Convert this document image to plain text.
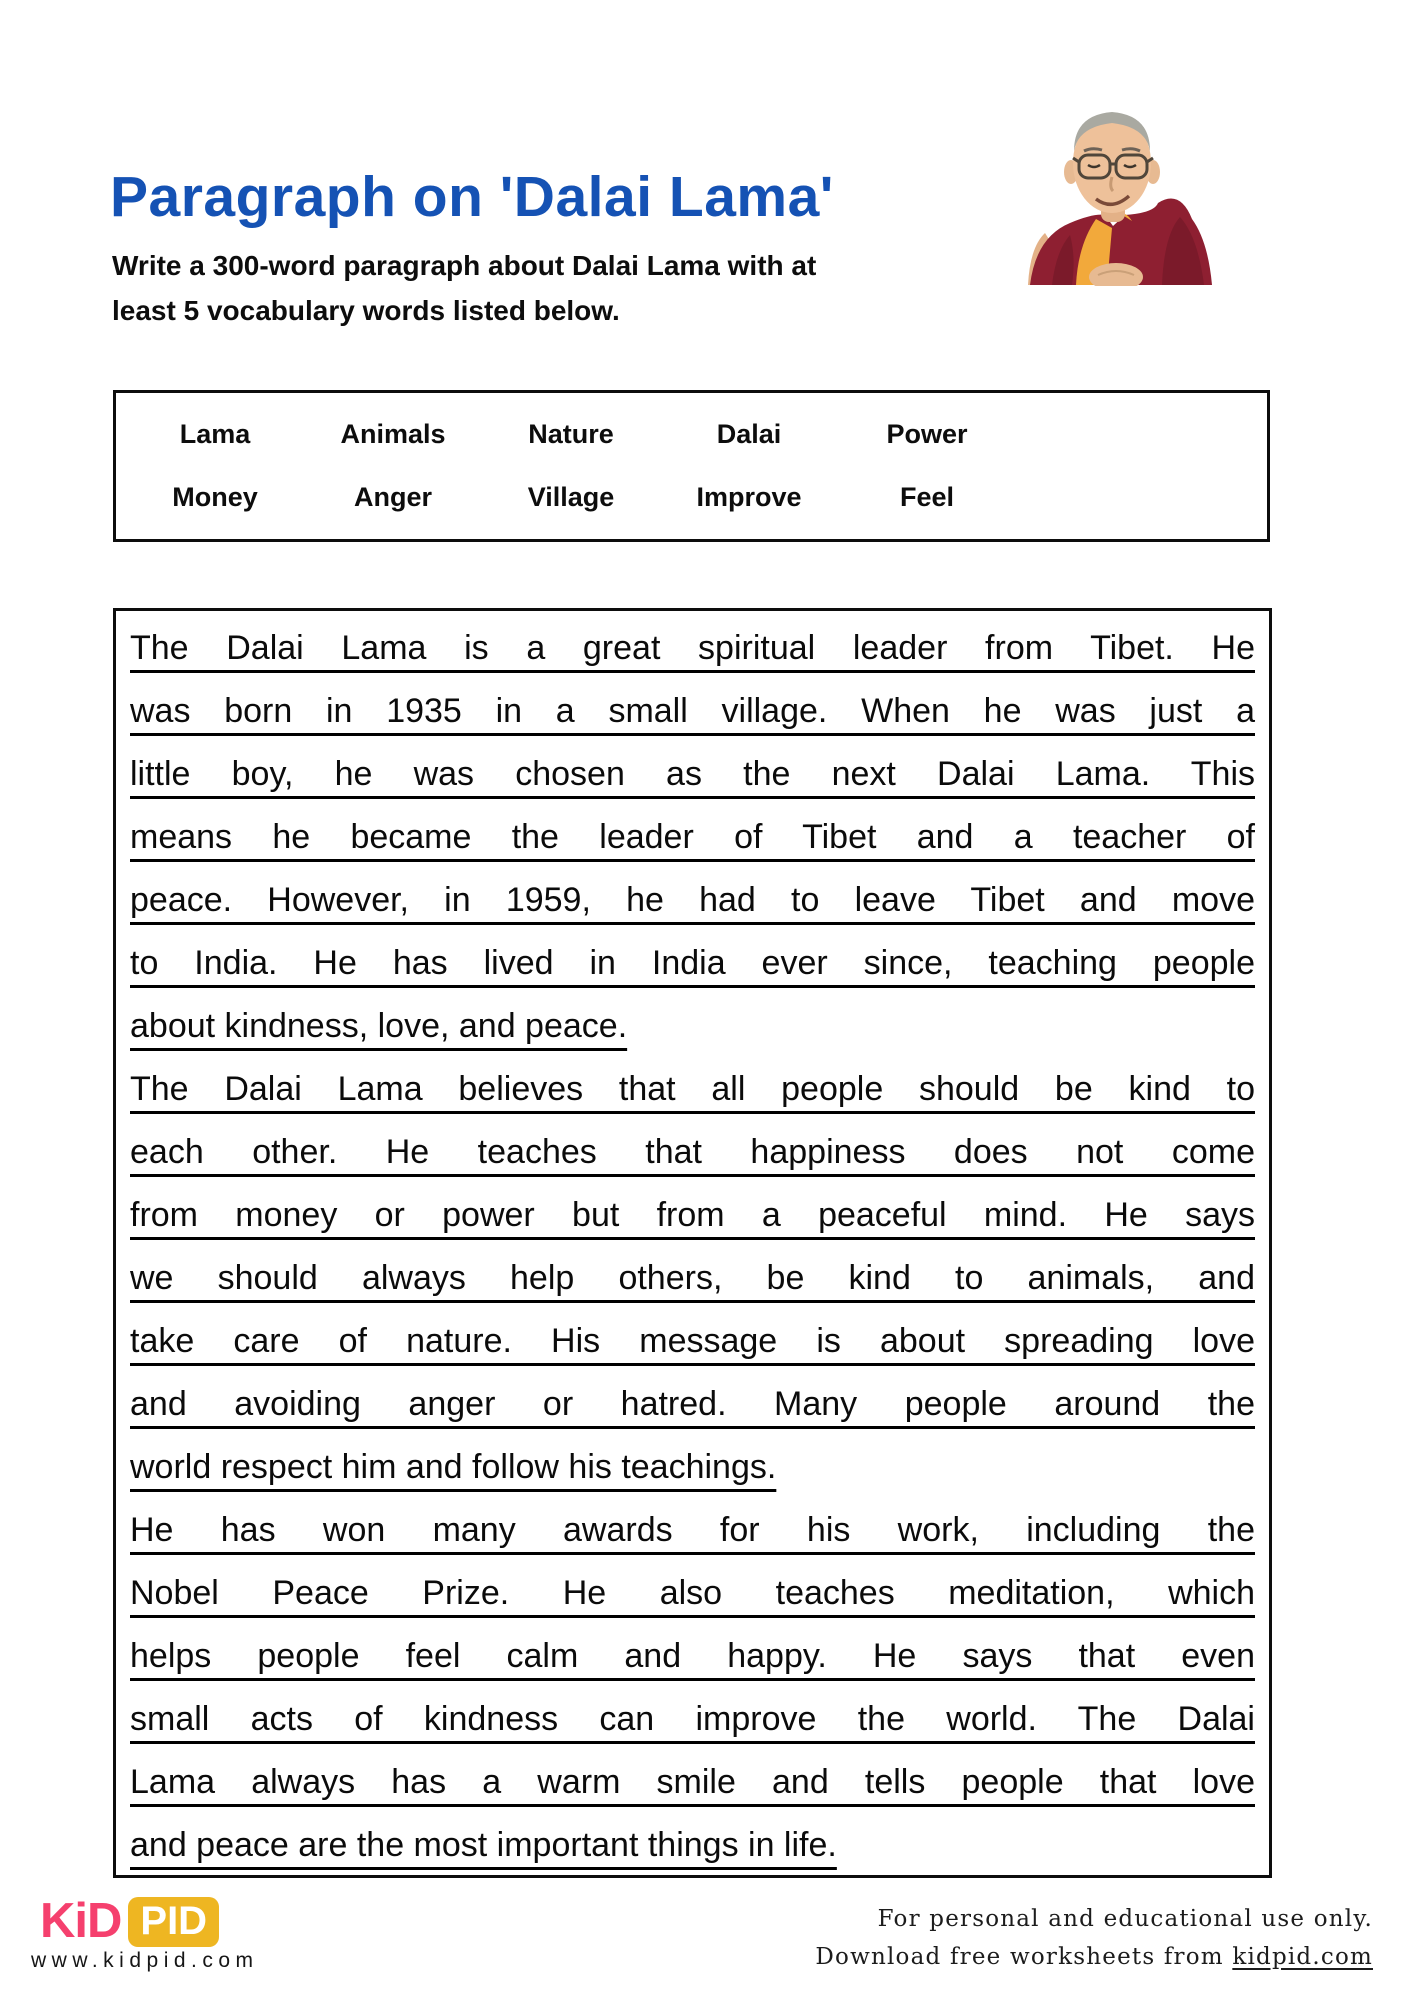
Paragraph on 'Dalai Lama'
Write a 300-word paragraph about Dalai Lama with at
least 5 vocabulary words listed below.
Lama	Animals	Nature	Dalai	Power
Money	Anger	Village	Improve	Feel
The Dalai Lama is a great spiritual leader from Tibet. He
was born in 1935 in a small village. When he was just a
little boy, he was chosen as the next Dalai Lama. This
means he became the leader of Tibet and a teacher of
peace. However, in 1959, he had to leave Tibet and move
to India. He has lived in India ever since, teaching people
about kindness, love, and peace.
The Dalai Lama believes that all people should be kind to
each other. He teaches that happiness does not come
from money or power but from a peaceful mind. He says
we should always help others, be kind to animals, and
take care of nature. His message is about spreading love
and avoiding anger or hatred. Many people around the
world respect him and follow his teachings.
He has won many awards for his work, including the
Nobel Peace Prize. He also teaches meditation, which
helps people feel calm and happy. He says that even
small acts of kindness can improve the world. The Dalai
Lama always has a warm smile and tells people that love
and peace are the most important things in life.
KiD PID
www.kidpid.com
For personal and educational use only.
Download free worksheets from kidpid.com
